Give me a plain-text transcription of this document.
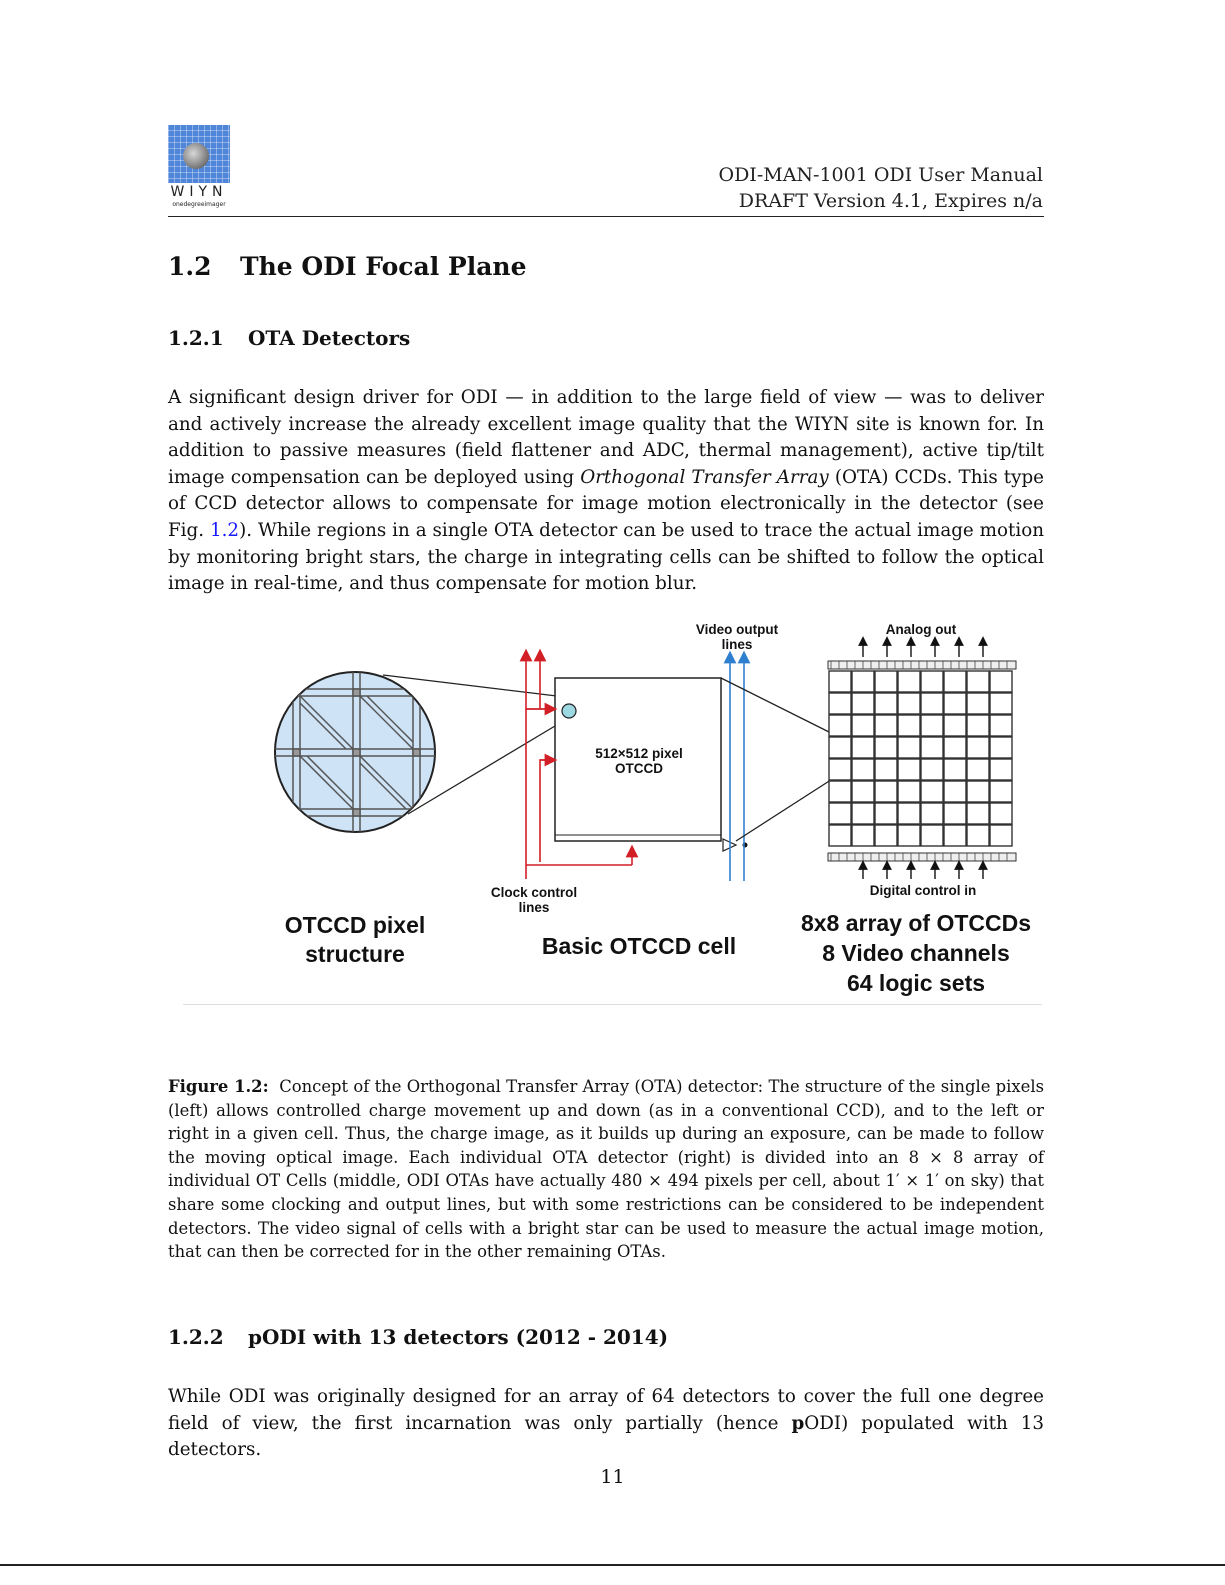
WIYN
onedegreeimager
ODI-MAN-1001 ODI User Manual
DRAFT Version 4.1, Expires n/a
1.2 The ODI Focal Plane
1.2.1 OTA Detectors

A significant design driver for ODI — in addition to the large field of view — was to deliver and actively increase the already excellent image quality that the WIYN site is known for. In addition to passive measures (field flattener and ADC, thermal management), active tip/tilt image compensation can be deployed using Orthogonal Transfer Array (OTA) CCDs. This type of CCD detector allows to compensate for image motion electronically in the detector (see Fig. 1.2). While regions in a single OTA detector can be used to trace the actual image motion by monitoring bright stars, the charge in integrating cells can be shifted to follow the optical image in real-time, and thus compensate for motion blur.

Video output
lines
Analog out
512×512 pixel
OTCCD
Clock control
lines
Digital control in
OTCCD pixel
structure	Basic OTCCD cell
8x8 array of OTCCDs
8 Video channels
64 logic sets

Figure 1.2: Concept of the Orthogonal Transfer Array (OTA) detector: The structure of the single pixels (left) allows controlled charge movement up and down (as in a conventional CCD), and to the left or right in a given cell. Thus, the charge image, as it builds up during an exposure, can be made to follow the moving optical image. Each individual OTA detector (right) is divided into an 8 × 8 array of individual OT Cells (middle, ODI OTAs have actually 480 × 494 pixels per cell, about 1′ × 1′ on sky) that share some clocking and output lines, but with some restrictions can be considered to be independent detectors. The video signal of cells with a bright star can be used to measure the actual image motion, that can then be corrected for in the other remaining OTAs.

1.2.2 pODI with 13 detectors (2012 - 2014)

While ODI was originally designed for an array of 64 detectors to cover the full one degree field of view, the first incarnation was only partially (hence pODI) populated with 13 detectors.

11
